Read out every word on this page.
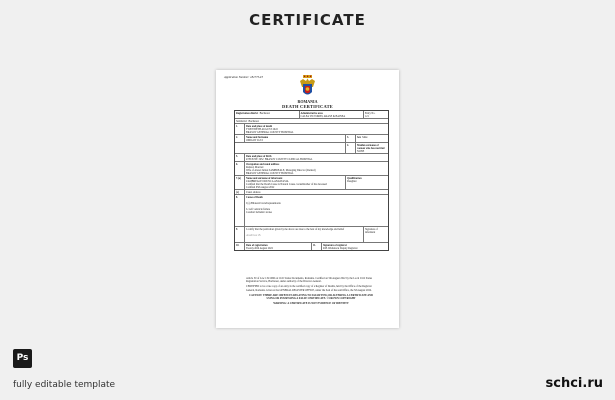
CERTIFICATE
Application Number: 1827754/3
ROMANIA
DEATH CERTIFICATE
Registration district  Bucharest	Administrative area
CALEA VICTORIEI, ARASE & BAINEA
Entry No.
121
Subdistrict  Bucharest
1.	Date and place of death
TWENTIETH AUGUST 2022
BRASOV GENERAL COUNTY HOSPITAL
2.	Name and Surname
OMIGOT LUCI
3.	Sex  Male
4.	Maiden surname of woman who has married  NONE
5.	Date and place of birth
4TH JUNE 1952  BRASOV COUNTY CLINICAL HOSPITAL
6.	Occupation and usual address
Retired, Married
Wife of Alexei Iulian ZAMBREALE, Managing Director (Retired)
BRASOV GENERAL COUNTY HOSPITAL
7.(a)	Name and surname of informant
ZAMBREALE DOUNCA ANASTASIA
Certified that the Death Cause is Natural Cause. Grandmother of the deceased
Certified 05th August 2022
Qualification
Daughter
(c)	Usual address
8.	Cause of Death

I (a) Bilateral bronchopneumonia

b. Left ventricle failure
Cerebral Ischemic stroke
9.	I certify that the particulars given by me above are true to the best of my knowledge and belief

Andreea B.
Signature of informant
10.	Date of registration
Twenty-fifth August 2022
11.	Signature of registrar
R.B. Rădulescu Deputy Registrar

Article 30 of Law 119/1996 on Civil Status Documents, Romania. Certified on 5th August 2022 by the Local Civil Status Registration Service, Bucharest, under authority of the Director-General.

CERTIFIED to be a true copy of an entry in the certified copy of a Register of Deaths, held by the Office of the Registrar General, Romania. Given at the GENERAL REGISTER OFFICE, under the Seal of the said Office, the 5th August 2022.

CAUTION: THERE ARE OFFENCES RELATING TO FALSIFYING OR ALTERING A CERTIFICATE AND USING OR POSSESSING A FALSE CERTIFICATE. ©CROWN COPYRIGHT

WARNING: A CERTIFICATE IS NOT EVIDENCE OF IDENTITY

Ps
fully editable template	schci.ru
